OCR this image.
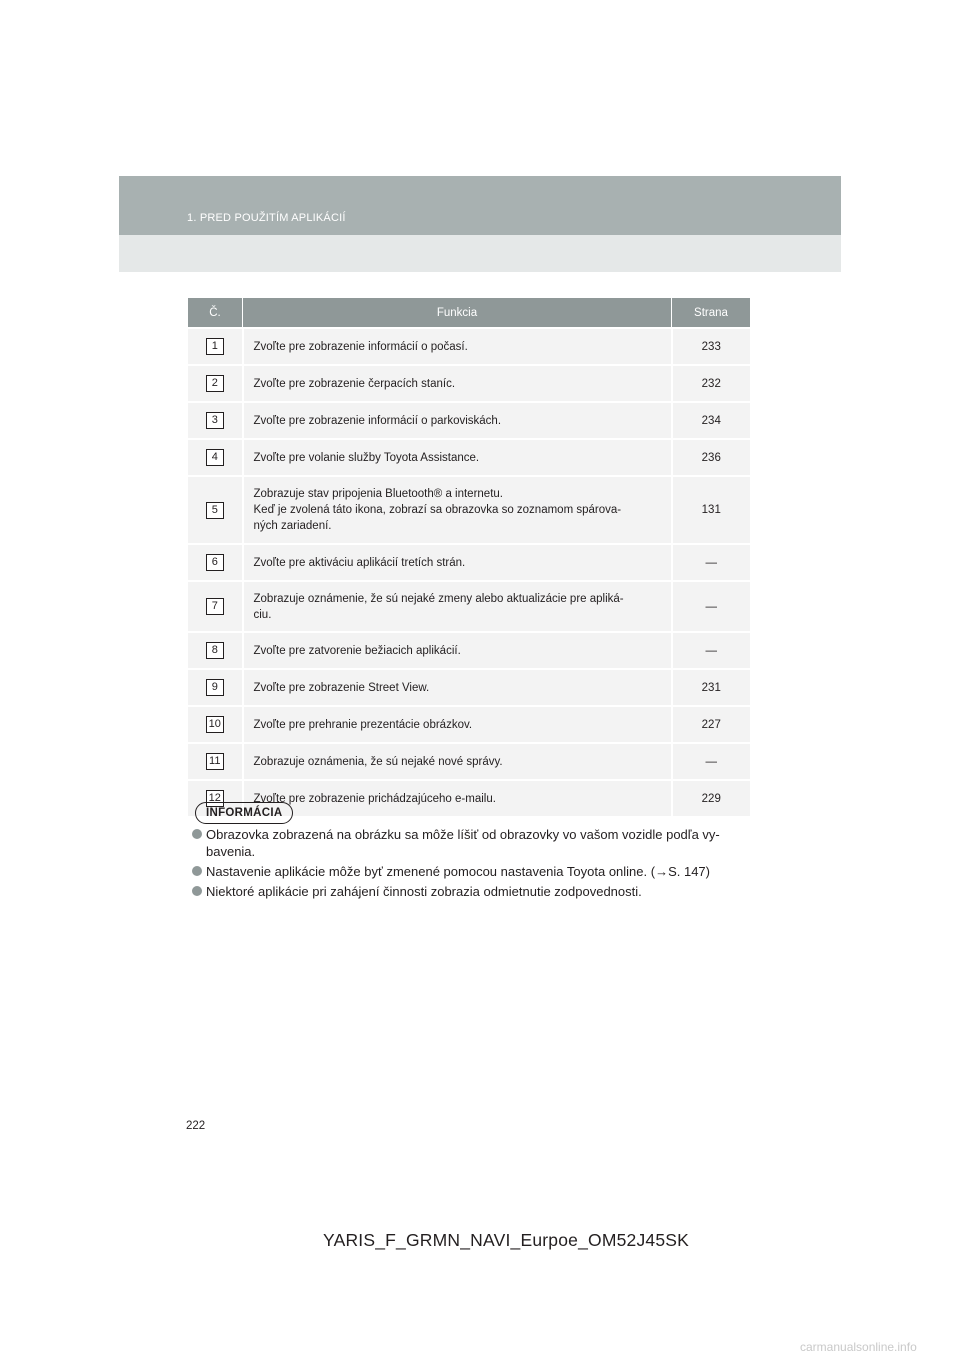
1. PRED POUŽITÍM APLIKÁCIÍ
Č.	Funkcia	Strana
1	Zvoľte pre zobrazenie informácií o počasí.	233
2	Zvoľte pre zobrazenie čerpacích staníc.	232
3	Zvoľte pre zobrazenie informácií o parkoviskách.	234
4	Zvoľte pre volanie služby Toyota Assistance.	236
5	Zobrazuje stav pripojenia Bluetooth® a internetu.
Keď je zvolená táto ikona, zobrazí sa obrazovka so zoznamom spárova-
ných zariadení.	131
6	Zvoľte pre aktiváciu aplikácií tretích strán.	—
7	Zobrazuje oznámenie, že sú nejaké zmeny alebo aktualizácie pre apliká-
ciu.	—
8	Zvoľte pre zatvorenie bežiacich aplikácií.	—
9	Zvoľte pre zobrazenie Street View.	231
10	Zvoľte pre prehranie prezentácie obrázkov.	227
11	Zobrazuje oznámenia, že sú nejaké nové správy.	—
12	Zvoľte pre zobrazenie prichádzajúceho e-mailu.	229
INFORMÁCIA
Obrazovka zobrazená na obrázku sa môže líšiť od obrazovky vo vašom vozidle podľa vy-bavenia.
Nastavenie aplikácie môže byť zmenené pomocou nastavenia Toyota online. (→S. 147)
Niektoré aplikácie pri zahájení činnosti zobrazia odmietnutie zodpovednosti.
222
YARIS_F_GRMN_NAVI_Eurpoe_OM52J45SK
carmanualsonline.info
